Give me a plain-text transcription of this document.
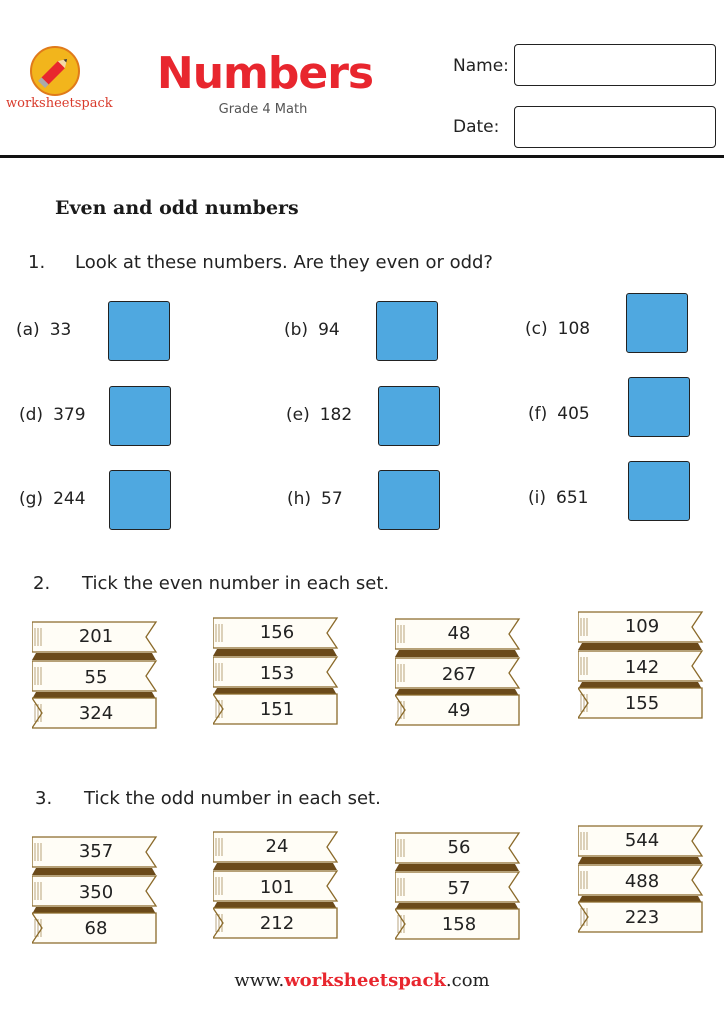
worksheetspack
Numbers
Grade 4 Math
Name:
Date:
Even and odd numbers
1. Look at these numbers. Are they even or odd?
(a) 33	(b) 94	(c) 108
(d) 379	(e) 182	(f) 405
(g) 244	(h) 57	(i) 651
2. Tick the even number in each set.
201
55
324
156
153
151
48
267
49
109
142
155
3. Tick the odd number in each set.
357
350
68
24
101
212
56
57
158
544
488
223
www.worksheetspack.com
